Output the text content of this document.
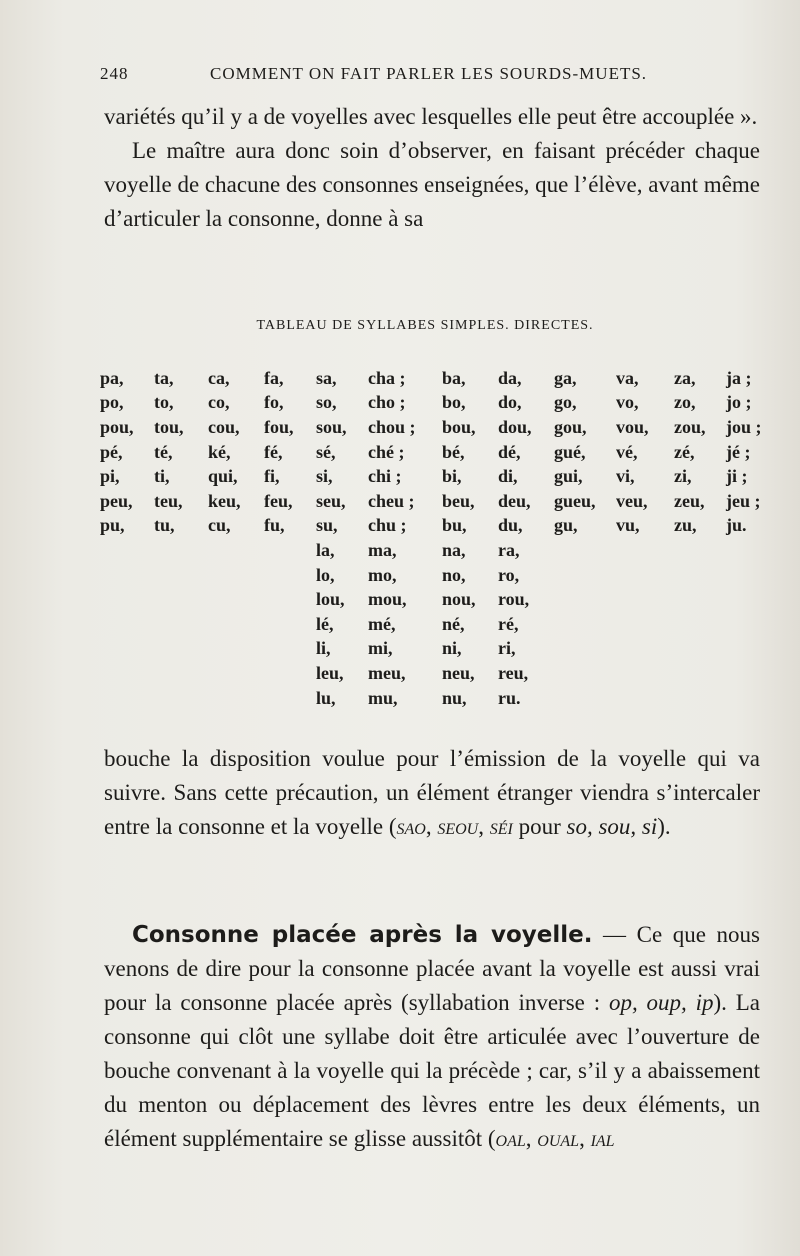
248	COMMENT ON FAIT PARLER LES SOURDS-MUETS.

variétés qu’il y a de voyelles avec lesquelles elle peut être accouplée ».

Le maître aura donc soin d’observer, en faisant précéder chaque voyelle de chacune des consonnes enseignées, que l’élève, avant même d’articuler la consonne, donne à sa

TABLEAU DE SYLLABES SIMPLES. DIRECTES.
pa,	ta,	ca,	fa,	sa,	cha ;	ba,	da,	ga,	va,	za,	ja ;
po,	to,	co,	fo,	so,	cho ;	bo,	do,	go,	vo,	zo,	jo ;
pou,	tou,	cou,	fou,	sou,	chou ;	bou,	dou,	gou,	vou,	zou,	jou ;
pé,	té,	ké,	fé,	sé,	ché ;	bé,	dé,	gué,	vé,	zé,	jé ;
pi,	ti,	qui,	fi,	si,	chi ;	bi,	di,	gui,	vi,	zi,	ji ;
peu,	teu,	keu,	feu,	seu,	cheu ;	beu,	deu,	gueu,	veu,	zeu,	jeu ;
pu,	tu,	cu,	fu,	su,	chu ;	bu,	du,	gu,	vu,	zu,	ju.
				la,	ma,	na,	ra,				
				lo,	mo,	no,	ro,				
				lou,	mou,	nou,	rou,				
				lé,	mé,	né,	ré,				
				li,	mi,	ni,	ri,				
				leu,	meu,	neu,	reu,				
				lu,	mu,	nu,	ru.				

bouche la disposition voulue pour l’émission de la voyelle qui va suivre. Sans cette précaution, un élément étranger viendra s’intercaler entre la consonne et la voyelle (sao, seou, séi pour so, sou, si).

Consonne placée après la voyelle. — Ce que nous venons de dire pour la consonne placée avant la voyelle est aussi vrai pour la consonne placée après (syllabation inverse : op, oup, ip). La consonne qui clôt une syllabe doit être articulée avec l’ouverture de bouche convenant à la voyelle qui la précède ; car, s’il y a abaissement du menton ou déplacement des lèvres entre les deux éléments, un élément supplémentaire se glisse aussitôt (oal, oual, ial
